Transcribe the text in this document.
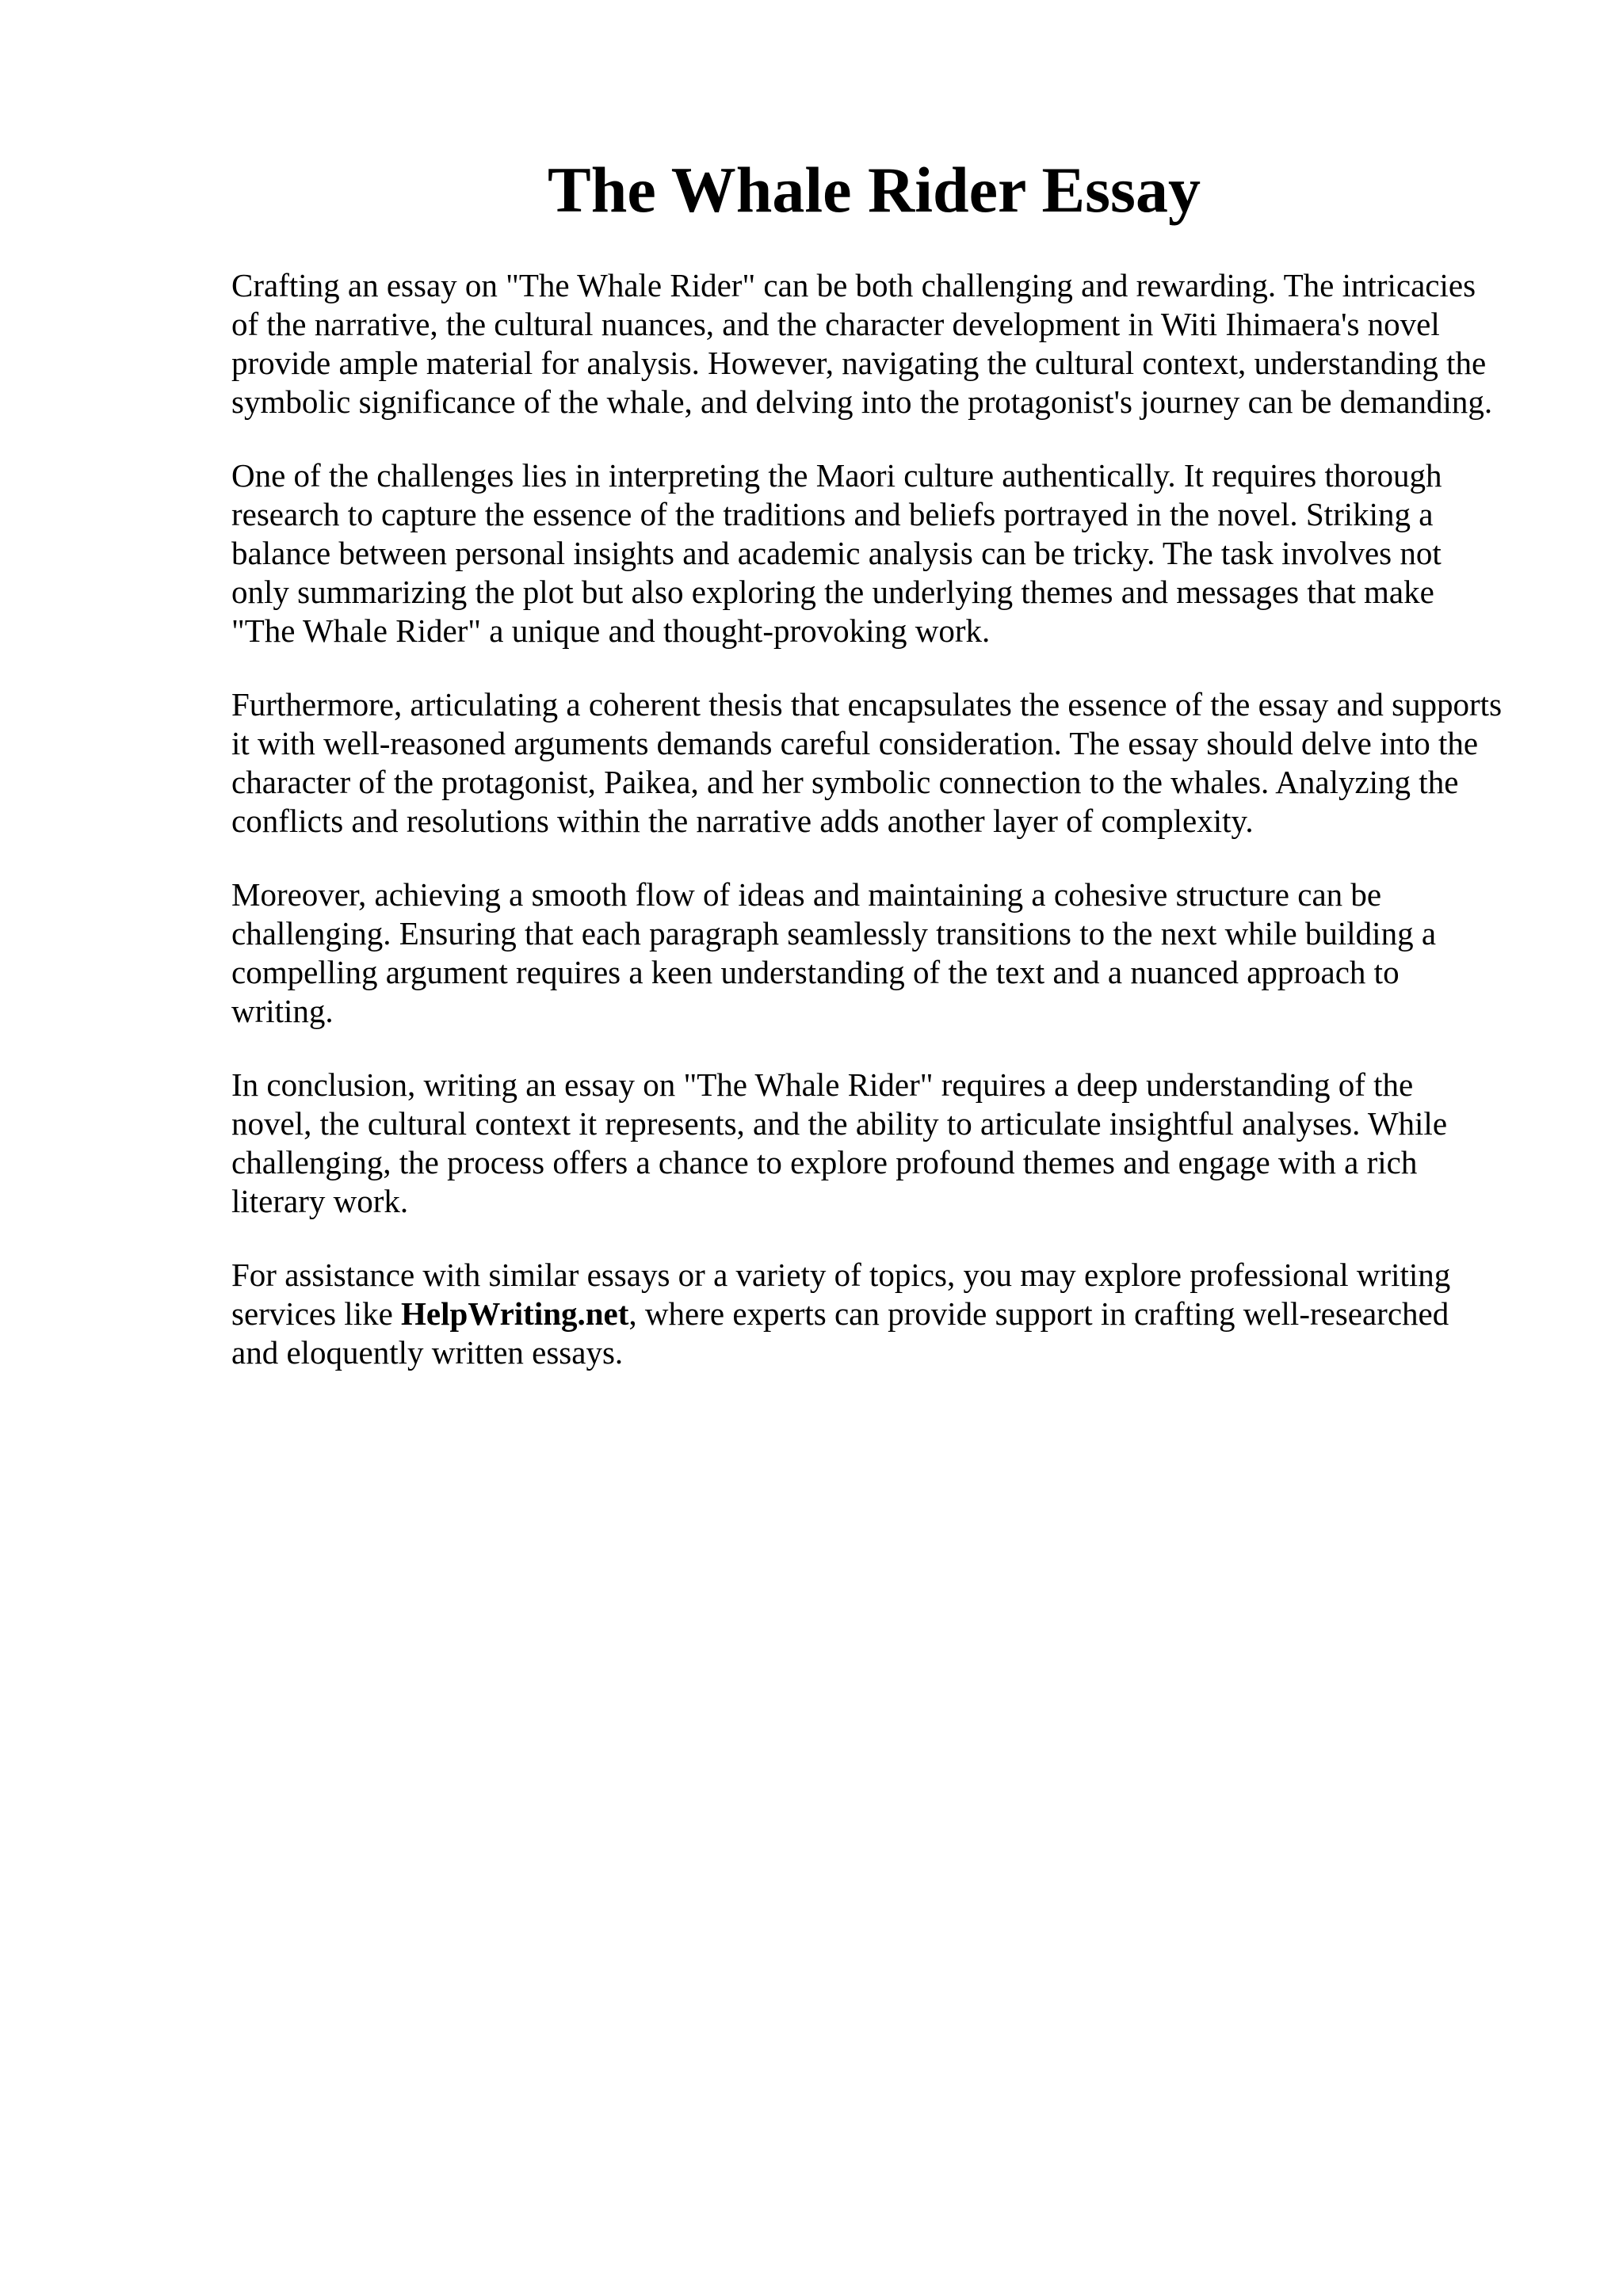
The Whale Rider Essay

Crafting an essay on "The Whale Rider" can be both challenging and rewarding. The intricacies
of the narrative, the cultural nuances, and the character development in Witi Ihimaera's novel
provide ample material for analysis. However, navigating the cultural context, understanding the
symbolic significance of the whale, and delving into the protagonist's journey can be demanding.

One of the challenges lies in interpreting the Maori culture authentically. It requires thorough
research to capture the essence of the traditions and beliefs portrayed in the novel. Striking a
balance between personal insights and academic analysis can be tricky. The task involves not
only summarizing the plot but also exploring the underlying themes and messages that make
"The Whale Rider" a unique and thought-provoking work.

Furthermore, articulating a coherent thesis that encapsulates the essence of the essay and supports
it with well-reasoned arguments demands careful consideration. The essay should delve into the
character of the protagonist, Paikea, and her symbolic connection to the whales. Analyzing the
conflicts and resolutions within the narrative adds another layer of complexity.

Moreover, achieving a smooth flow of ideas and maintaining a cohesive structure can be
challenging. Ensuring that each paragraph seamlessly transitions to the next while building a
compelling argument requires a keen understanding of the text and a nuanced approach to
writing.

In conclusion, writing an essay on "The Whale Rider" requires a deep understanding of the
novel, the cultural context it represents, and the ability to articulate insightful analyses. While
challenging, the process offers a chance to explore profound themes and engage with a rich
literary work.

For assistance with similar essays or a variety of topics, you may explore professional writing
services like HelpWriting.net, where experts can provide support in crafting well-researched
and eloquently written essays.
